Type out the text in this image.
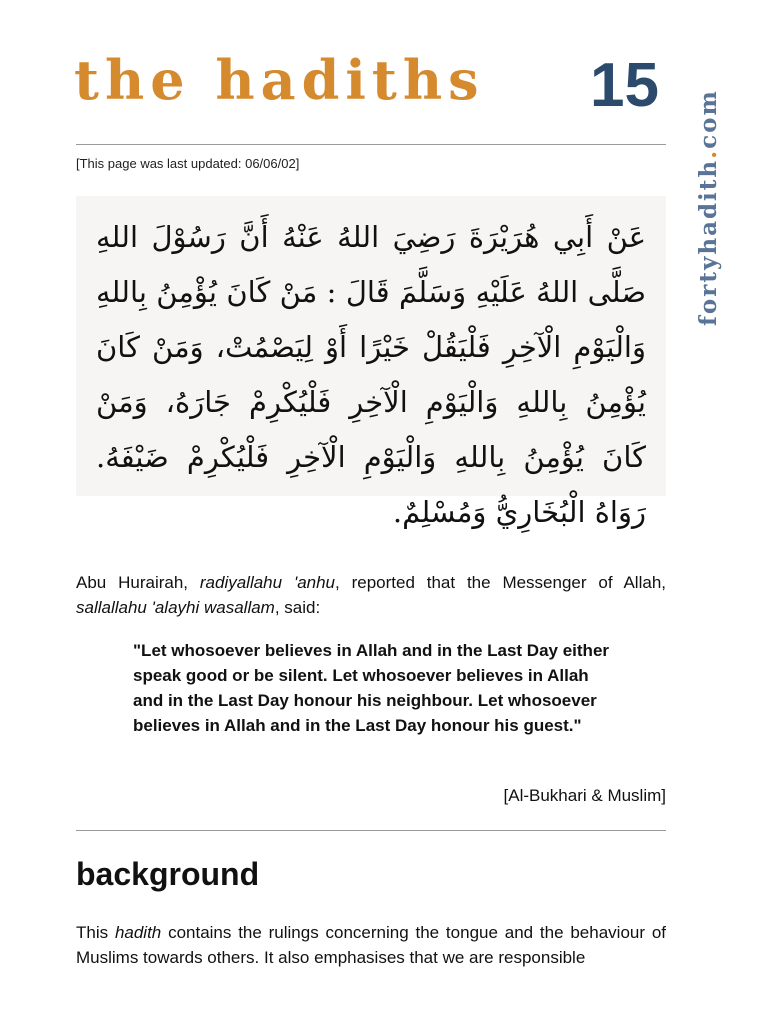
the hadiths 15
fortyhadith.com
[This page was last updated: 06/06/02]
عَنْ أَبِي هُرَيْرَةَ رَضِيَ اللهُ عَنْهُ أَنَّ رَسُوْلَ اللهِ صَلَّى اللهُ عَلَيْهِ وَسَلَّمَ قَالَ : مَنْ كَانَ يُؤْمِنُ بِاللهِ وَالْيَوْمِ الْآخِرِ فَلْيَقُلْ خَيْرًا أَوْ لِيَصْمُتْ، وَمَنْ كَانَ يُؤْمِنُ بِاللهِ وَالْيَوْمِ الْآخِرِ فَلْيُكْرِمْ جَارَهُ، وَمَنْ كَانَ يُؤْمِنُ بِاللهِ وَالْيَوْمِ الْآخِرِ فَلْيُكْرِمْ ضَيْفَهُ. رَوَاهُ الْبُخَارِيُّ وَمُسْلِمٌ.
Abu Hurairah, radiyallahu 'anhu, reported that the Messenger of Allah, sallallahu 'alayhi wasallam, said:
"Let whosoever believes in Allah and in the Last Day either speak good or be silent. Let whosoever believes in Allah and in the Last Day honour his neighbour. Let whosoever believes in Allah and in the Last Day honour his guest."
[Al-Bukhari & Muslim]
background
This hadith contains the rulings concerning the tongue and the behaviour of Muslims towards others. It also emphasises that we are responsible
